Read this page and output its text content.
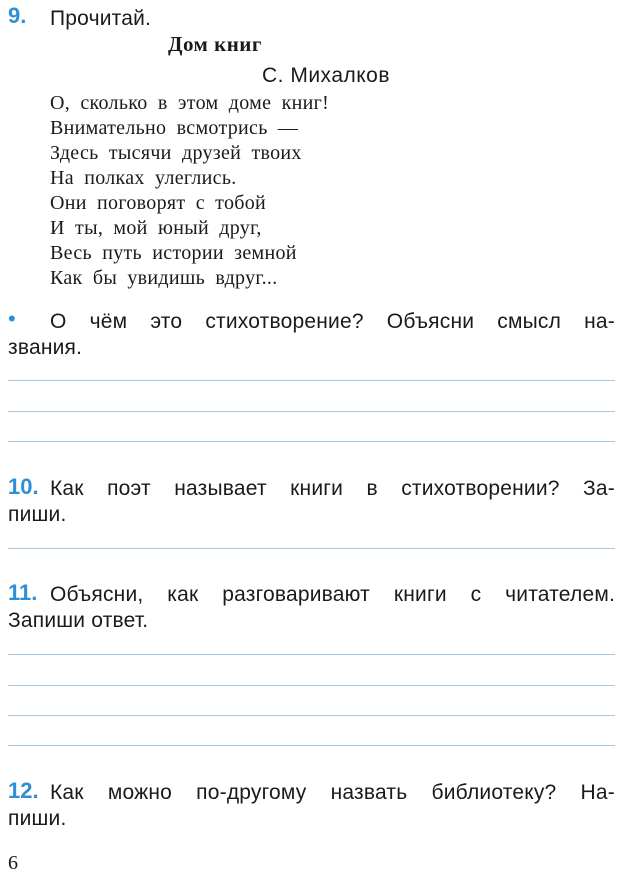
9. Прочитай.
Дом книг
С. Михалков
О, сколько в этом доме книг!
Внимательно всмотрись —
Здесь тысячи друзей твоих
На полках улеглись.
Они поговорят с тобой
И ты, мой юный друг,
Весь путь истории земной
Как бы увидишь вдруг...
• О чём это стихотворение? Объясни смысл на-
звания.
10. Как поэт называет книги в стихотворении? За-
пиши.
11. Объясни, как разговаривают книги с читателем.
Запиши ответ.
12. Как можно по-другому назвать библиотеку? На-
пиши.
6
